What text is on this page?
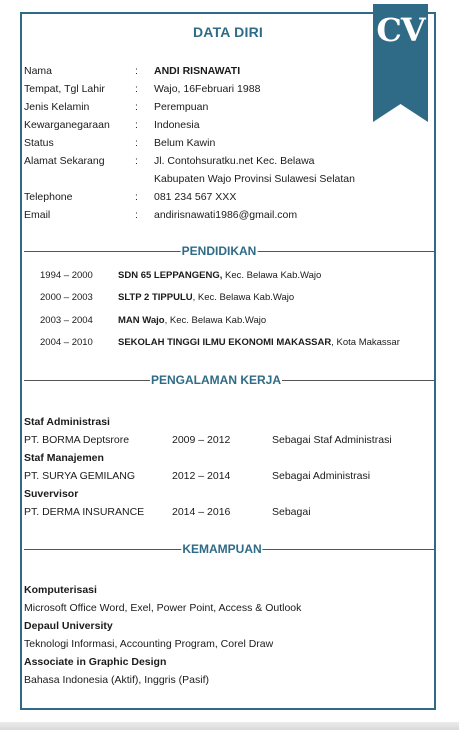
CV
DATA DIRI
Nama	: ANDI RISNAWATI
Tempat, Tgl Lahir	: Wajo, 16Februari 1988
Jenis Kelamin	: Perempuan
Kewarganegaraan : Indonesia
Status	: Belum Kawin
Alamat Sekarang	: Jl. Contohsuratku.net Kec. Belawa
Kabupaten Wajo Provinsi Sulawesi Selatan
Telephone	: 081 234 567 XXX
Email	: andirisnawati1986@gmail.com
PENDIDIKAN
1994 – 2000	SDN 65 LEPPANGENG, Kec. Belawa Kab.Wajo
2000 – 2003	SLTP 2 TIPPULU, Kec. Belawa Kab.Wajo
2003 – 2004	MAN Wajo, Kec. Belawa Kab.Wajo
2004 – 2010	SEKOLAH TINGGI ILMU EKONOMI MAKASSAR, Kota Makassar
PENGALAMAN KERJA
Staf Administrasi
PT. BORMA Deptsrore	2009 – 2012	Sebagai Staf Administrasi
Staf Manajemen
PT. SURYA GEMILANG	2012 – 2014	Sebagai Administrasi
Suvervisor
PT. DERMA INSURANCE	2014 – 2016	Sebagai
KEMAMPUAN
Komputerisasi
Microsoft Office Word, Exel, Power Point, Access & Outlook
Depaul University
Teknologi Informasi, Accounting Program, Corel Draw
Associate in Graphic Design
Bahasa Indonesia (Aktif), Inggris (Pasif)
